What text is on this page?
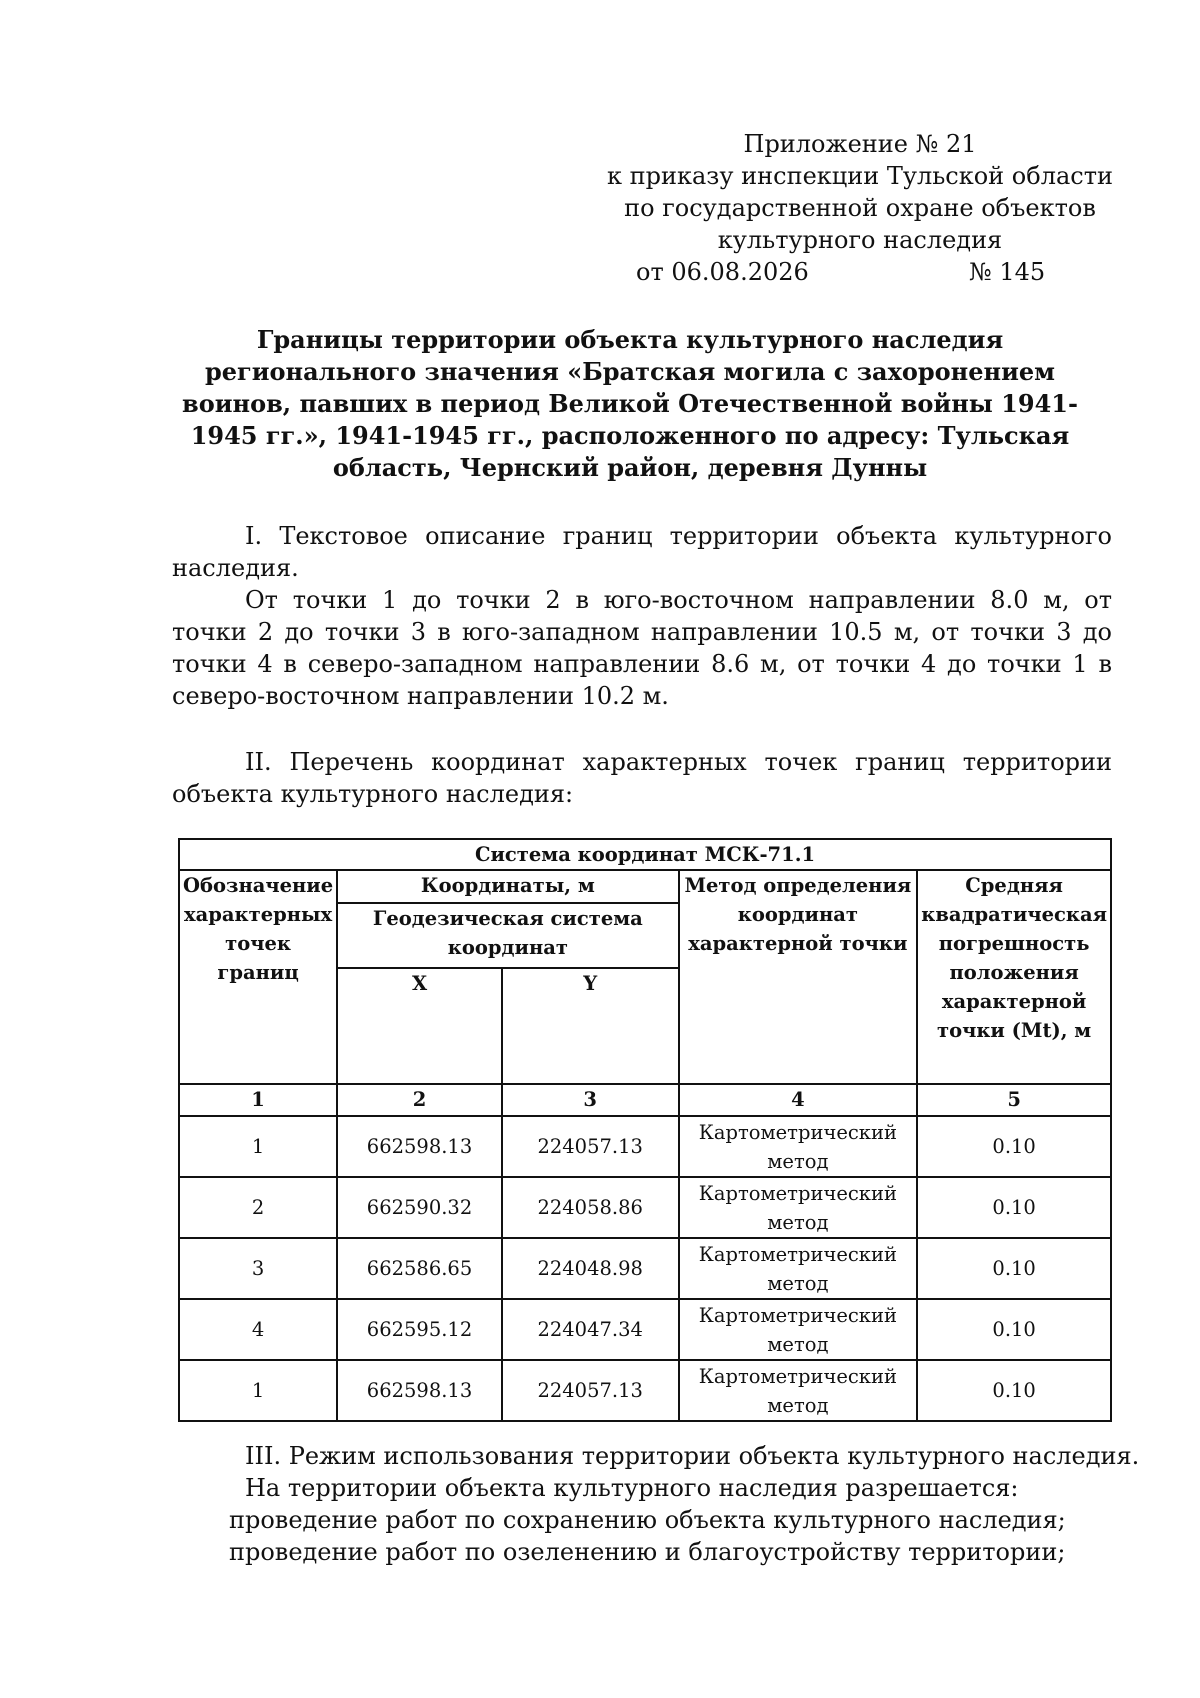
Приложение № 21
к приказу инспекции Тульской области
по государственной охране объектов
культурного наследия
от 06.08.2026	№ 145
Границы территории объекта культурного наследия регионального значения «Братская могила с захоронением воинов, павших в период Великой Отечественной войны 1941-1945 гг.», 1941-1945 гг., расположенного по адресу: Тульская область, Чернский район, деревня Дунны

I. Текстовое описание границ территории объекта культурного наследия.

От точки 1 до точки 2 в юго-восточном направлении 8.0 м, от точки 2 до точки 3 в юго-западном направлении 10.5 м, от точки 3 до точки 4 в северо-западном направлении 8.6 м, от точки 4 до точки 1 в северо-восточном направлении 10.2 м.

II. Перечень координат характерных точек границ территории объекта культурного наследия:

Система координат МСК-71.1				
Обозначение характерных точек границ	Координаты, м		Метод определения координат характерной точки	Средняя квадратическая погрешность положения характерной точки (Mt), м
	Геодезическая система координат			
	X	Y		
1	2	3	4	5
1	662598.13	224057.13	Картометрический метод	0.10
2	662590.32	224058.86	Картометрический метод	0.10
3	662586.65	224048.98	Картометрический метод	0.10
4	662595.12	224047.34	Картометрический метод	0.10
1	662598.13	224057.13	Картометрический метод	0.10

III. Режим использования территории объекта культурного наследия.

На территории объекта культурного наследия разрешается:

проведение работ по сохранению объекта культурного наследия;

проведение работ по озеленению и благоустройству территории;
